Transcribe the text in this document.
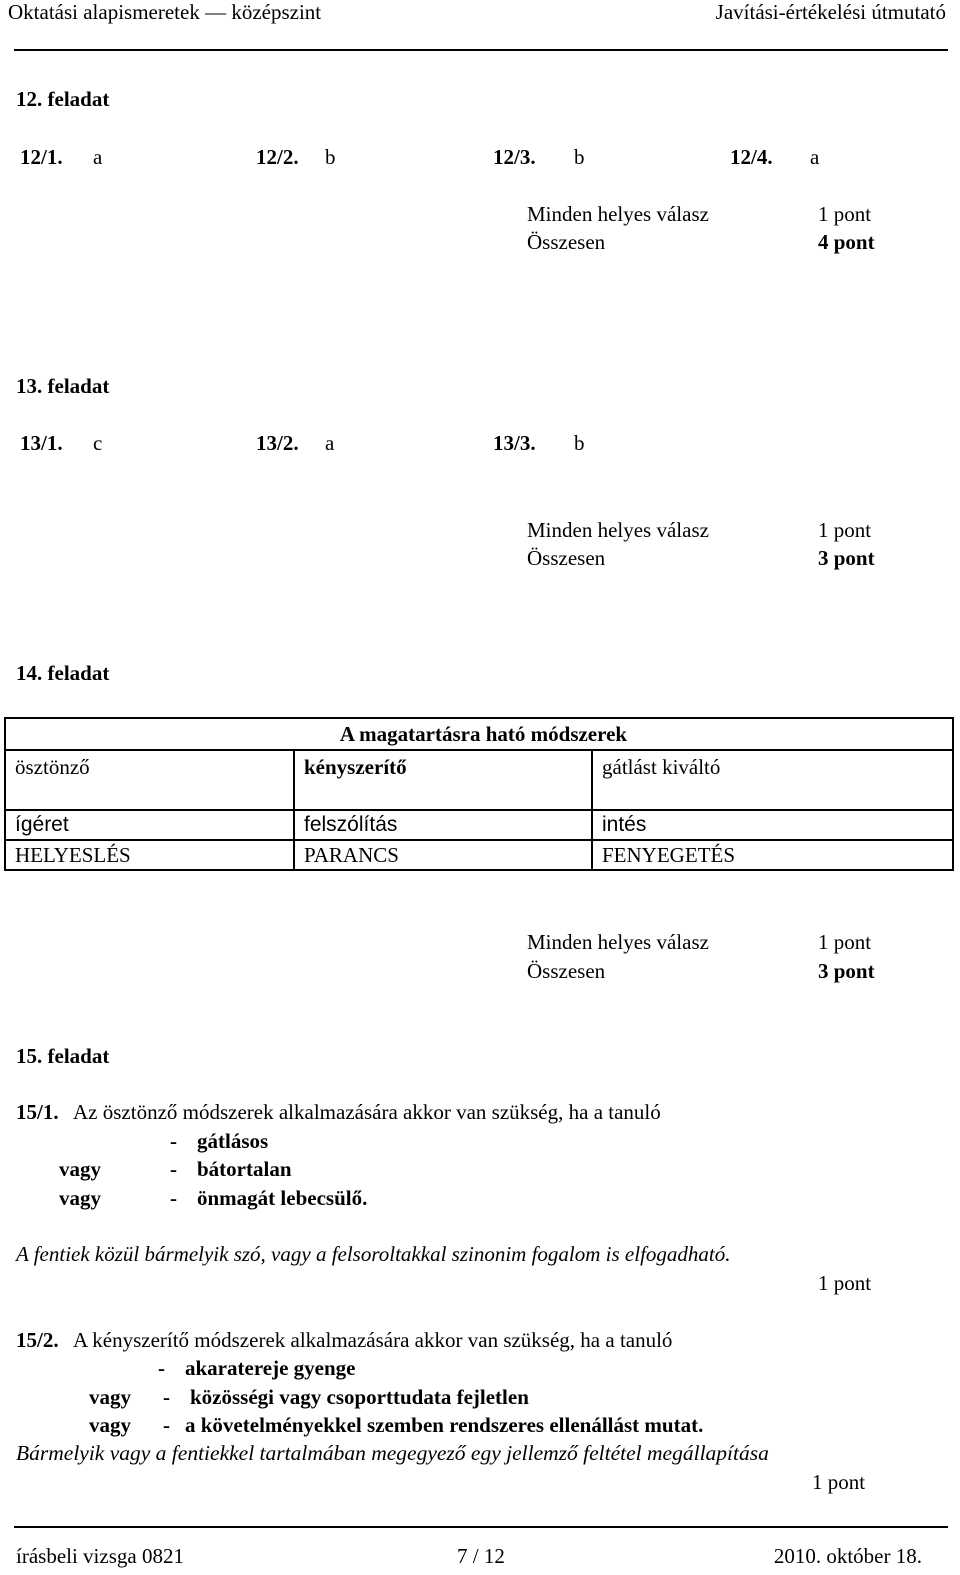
Oktatási alapismeretek — középszint	Javítási-értékelési útmutató
12. feladat
12/1. a	12/2. b	12/3. b	12/4. a
Minden helyes válasz	1 pont
Összesen	4 pont
13. feladat
13/1. c	13/2. a	13/3. b
Minden helyes válasz	1 pont
Összesen	3 pont
14. feladat
A magatartásra ható módszerek		
ösztönző	kényszerítő	gátlást kiváltó
ígéret	felszólítás	intés
HELYESLÉS	PARANCS	FENYEGETÉS
Minden helyes válasz	1 pont
Összesen	3 pont
15. feladat
15/1. Az ösztönző módszerek alkalmazására akkor van szükség, ha a tanuló
- gátlásos
vagy	- bátortalan
vagy	- önmagát lebecsülő.
A fentiek közül bármelyik szó, vagy a felsoroltakkal szinonim fogalom is elfogadható.
1 pont
15/2. A kényszerítő módszerek alkalmazására akkor van szükség, ha a tanuló
- akaratereje gyenge
vagy - közösségi vagy csoporttudata fejletlen
vagy - a követelményekkel szemben rendszeres ellenállást mutat.
Bármelyik vagy a fentiekkel tartalmában megegyező egy jellemző feltétel megállapítása
1 pont
írásbeli vizsga 0821	7 / 12	2010. október 18.
